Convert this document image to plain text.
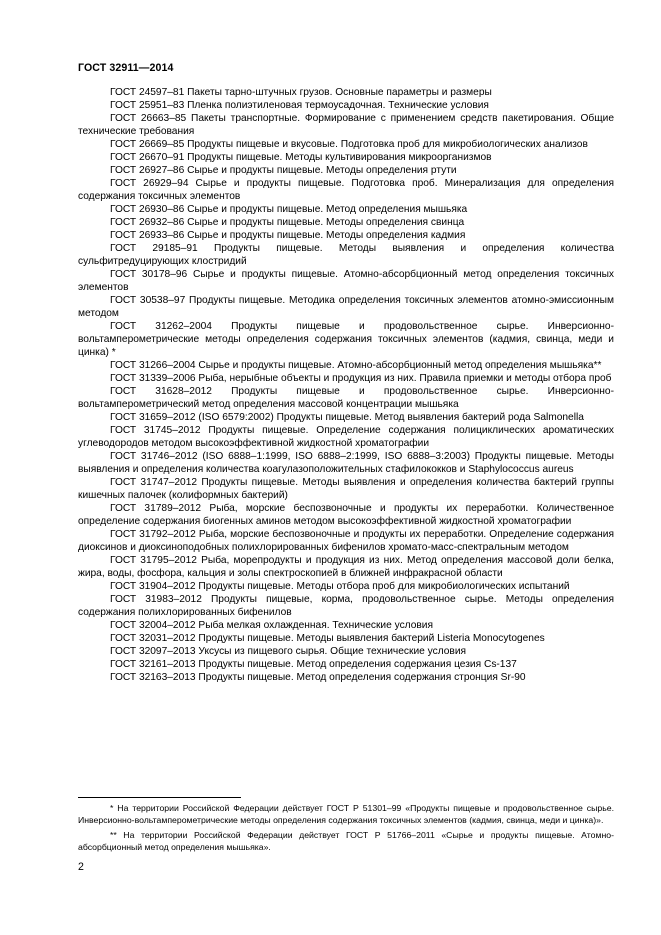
ГОСТ 32911—2014

ГОСТ 24597–81 Пакеты тарно-штучных грузов. Основные параметры и размеры

ГОСТ 25951–83 Пленка полиэтиленовая термоусадочная. Технические условия

ГОСТ 26663–85 Пакеты транспортные. Формирование с применением средств пакетирования. Общие технические требования

ГОСТ 26669–85 Продукты пищевые и вкусовые. Подготовка проб для микробиологических анализов

ГОСТ 26670–91 Продукты пищевые. Методы культивирования микроорганизмов

ГОСТ 26927–86 Сырье и продукты пищевые. Методы определения ртути

ГОСТ 26929–94 Сырье и продукты пищевые. Подготовка проб. Минерализация для определения содержания токсичных элементов

ГОСТ 26930–86 Сырье и продукты пищевые. Метод определения мышьяка

ГОСТ 26932–86 Сырье и продукты пищевые. Методы определения свинца

ГОСТ 26933–86 Сырье и продукты пищевые. Методы определения кадмия

ГОСТ 29185–91 Продукты пищевые. Методы выявления и определения количества сульфитредуцирующих клостридий

ГОСТ 30178–96 Сырье и продукты пищевые. Атомно-абсорбционный метод определения токсичных элементов

ГОСТ 30538–97 Продукты пищевые. Методика определения токсичных элементов атомно-эмиссионным методом

ГОСТ 31262–2004 Продукты пищевые и продовольственное сырье. Инверсионно-вольтамперометрические методы определения содержания токсичных элементов (кадмия, свинца, меди и цинка) *

ГОСТ 31266–2004 Сырье и продукты пищевые. Атомно-абсорбционный метод определения мышьяка**

ГОСТ 31339–2006 Рыба, нерыбные объекты и продукция из них. Правила приемки и методы отбора проб

ГОСТ 31628–2012 Продукты пищевые и продовольственное сырье. Инверсионно-вольтамперометрический метод определения массовой концентрации мышьяка

ГОСТ 31659–2012 (ISO 6579:2002) Продукты пищевые. Метод выявления бактерий рода Salmonella

ГОСТ 31745–2012 Продукты пищевые. Определение содержания полициклических ароматических углеводородов методом высокоэффективной жидкостной хроматографии

ГОСТ 31746–2012 (ISO 6888–1:1999, ISO 6888–2:1999, ISO 6888–3:2003) Продукты пищевые. Методы выявления и определения количества коагулазоположительных стафилококков и Staphylococcus aureus

ГОСТ 31747–2012 Продукты пищевые. Методы выявления и определения количества бактерий группы кишечных палочек (колиформных бактерий)

ГОСТ 31789–2012 Рыба, морские беспозвоночные и продукты их переработки. Количественное определение содержания биогенных аминов методом высокоэффективной жидкостной хроматографии

ГОСТ 31792–2012 Рыба, морские беспозвоночные и продукты их переработки. Определение содержания диоксинов и диоксиноподобных полихлорированных бифенилов хромато-масс-спектральным методом

ГОСТ 31795–2012 Рыба, морепродукты и продукция из них. Метод определения массовой доли белка, жира, воды, фосфора, кальция и золы спектроскопией в ближней инфракрасной области

ГОСТ 31904–2012 Продукты пищевые. Методы отбора проб для микробиологических испытаний

ГОСТ 31983–2012 Продукты пищевые, корма, продовольственное сырье. Методы определения содержания полихлорированных бифенилов

ГОСТ 32004–2012 Рыба мелкая охлажденная. Технические условия

ГОСТ 32031–2012 Продукты пищевые. Методы выявления бактерий Listeria Monocytogenes

ГОСТ 32097–2013 Уксусы из пищевого сырья. Общие технические условия

ГОСТ 32161–2013 Продукты пищевые. Метод определения содержания цезия Cs-137

ГОСТ 32163–2013 Продукты пищевые. Метод определения содержания стронция Sr-90

* На территории Российской Федерации действует ГОСТ Р 51301–99 «Продукты пищевые и продовольственное сырье. Инверсионно-вольтамперометрические методы определения содержания токсичных элементов (кадмия, свинца, меди и цинка)».

** На территории Российской Федерации действует ГОСТ Р 51766–2011 «Сырье и продукты пищевые. Атомно-абсорбционный метод определения мышьяка».

2
